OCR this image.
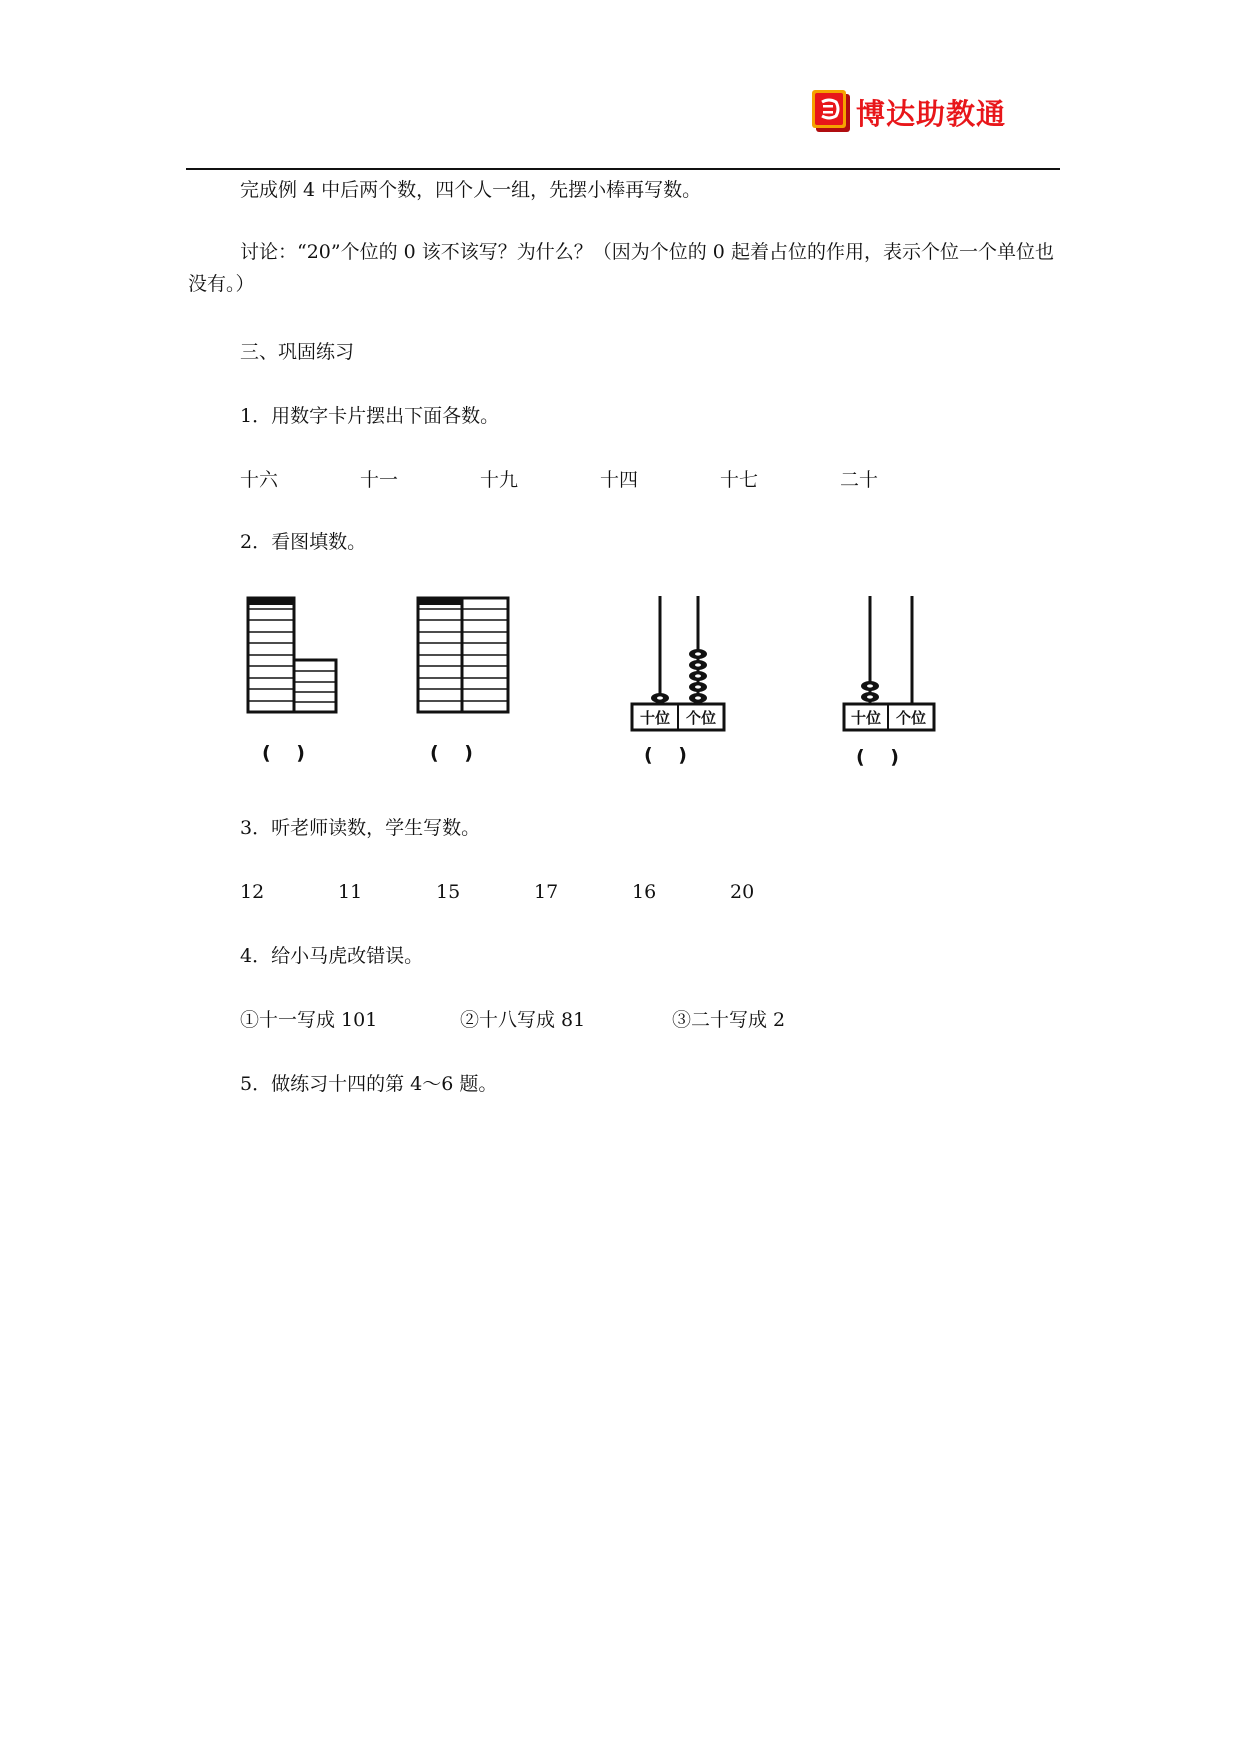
博达助教通
完成例 4 中后两个数，四个人一组，先摆小棒再写数。
讨论：“20”个位的 0 该不该写？为什么？（因为个位的 0 起着占位的作用，表示个位一个单位也没有。）
三、巩固练习
1．用数字卡片摆出下面各数。
十六	十一	十九	十四	十七	二十
2．看图填数。
十位 个位	十位 个位
(　 )	(　 )	(　 )	(　 )
3．听老师读数，学生写数。
12	11	15	17	16	20
4．给小马虎改错误。
①十一写成 101	②十八写成 81	③二十写成 2
5．做练习十四的第 4～6 题。
